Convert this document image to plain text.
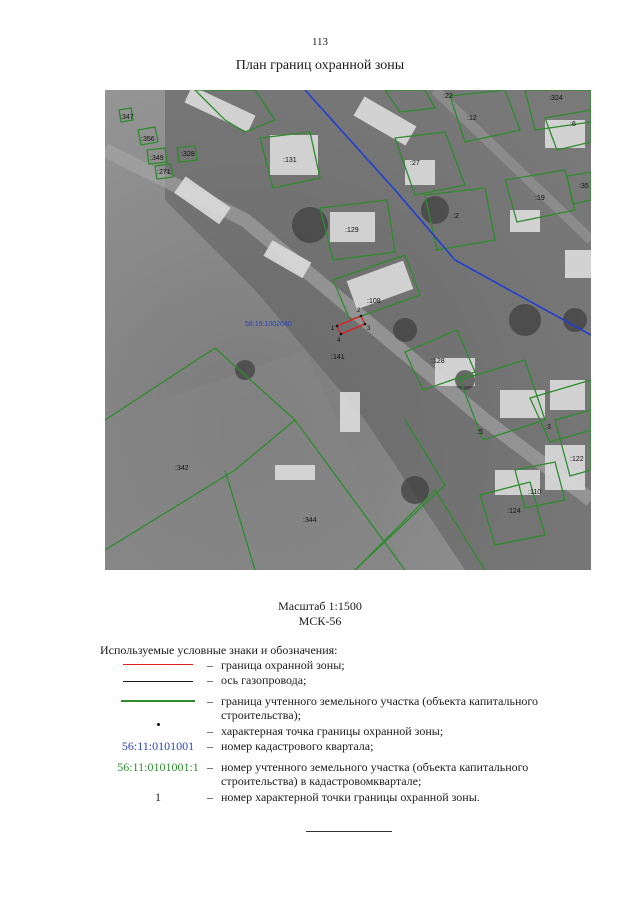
113
План границ охранной зоны
:347
:356
:349
:328
:271
:131
:22
:12
:324
:6
:27
:19
:35
:129
:2
:108
:128
:141
:5
:3
:122
:110
:124
:342
:344
56:19:1002040
1
2
3
4
Масштаб 1:1500
МСК-56
Используемые условные знаки и обозначения:
– граница охранной зоны;
– ось газопровода;
– граница учтенного земельного участка (объекта капитального строительства);
– характерная точка границы охранной зоны;
56:11:0101001	– номер кадастрового квартала;
56:11:0101001:1 – номер учтенного земельного участка (объекта капитального строительства) в кадастровомквартале;
1	– номер характерной точки границы охранной зоны.
